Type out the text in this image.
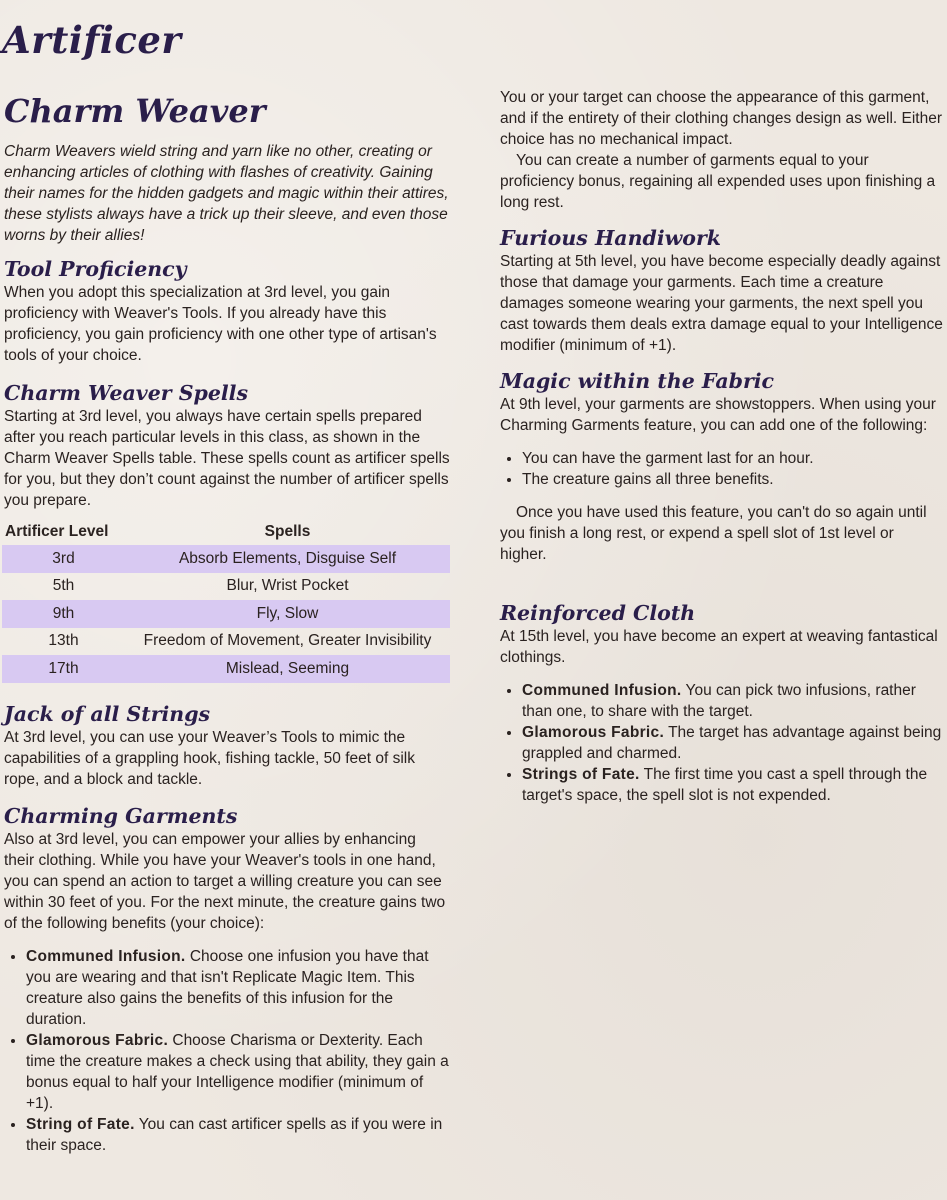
Artificer
Charm Weaver

Charm Weavers wield string and yarn like no other, creating or enhancing articles of clothing with flashes of creativity. Gaining their names for the hidden gadgets and magic within their attires, these stylists always have a trick up their sleeve, and even those worns by their allies!

Tool Proficiency

When you adopt this specialization at 3rd level, you gain proficiency with Weaver's Tools. If you already have this proficiency, you gain proficiency with one other type of artisan's tools of your choice.

Charm Weaver Spells

Starting at 3rd level, you always have certain spells prepared after you reach particular levels in this class, as shown in the Charm Weaver Spells table. These spells count as artificer spells for you, but they don’t count against the number of artificer spells you prepare.

Artificer Level	Spells
3rd	Absorb Elements, Disguise Self
5th	Blur, Wrist Pocket
9th	Fly, Slow
13th	Freedom of Movement, Greater Invisibility
17th	Mislead, Seeming
Jack of all Strings

At 3rd level, you can use your Weaver’s Tools to mimic the capabilities of a grappling hook, fishing tackle, 50 feet of silk rope, and a block and tackle.

Charming Garments

Also at 3rd level, you can empower your allies by enhancing their clothing. While you have your Weaver's tools in one hand, you can spend an action to target a willing creature you can see within 30 feet of you. For the next minute, the creature gains two of the following benefits (your choice):

• Communed Infusion. Choose one infusion you have that you are wearing and that isn't Replicate Magic Item. This creature also gains the benefits of this infusion for the duration.
• Glamorous Fabric. Choose Charisma or Dexterity. Each time the creature makes a check using that ability, they gain a bonus equal to half your Intelligence modifier (minimum of +1).
• String of Fate. You can cast artificer spells as if you were in their space.

You or your target can choose the appearance of this garment, and if the entirety of their clothing changes design as well. Either choice has no mechanical impact.

You can create a number of garments equal to your proficiency bonus, regaining all expended uses upon finishing a long rest.

Furious Handiwork

Starting at 5th level, you have become especially deadly against those that damage your garments. Each time a creature damages someone wearing your garments, the next spell you cast towards them deals extra damage equal to your Intelligence modifier (minimum of +1).

Magic within the Fabric

At 9th level, your garments are showstoppers. When using your Charming Garments feature, you can add one of the following:

• You can have the garment last for an hour.
• The creature gains all three benefits.

Once you have used this feature, you can't do so again until you finish a long rest, or expend a spell slot of 1st level or higher.

Reinforced Cloth

At 15th level, you have become an expert at weaving fantastical clothings.

• Communed Infusion. You can pick two infusions, rather than one, to share with the target.
• Glamorous Fabric. The target has advantage against being grappled and charmed.
• Strings of Fate. The first time you cast a spell through the target's space, the spell slot is not expended.
